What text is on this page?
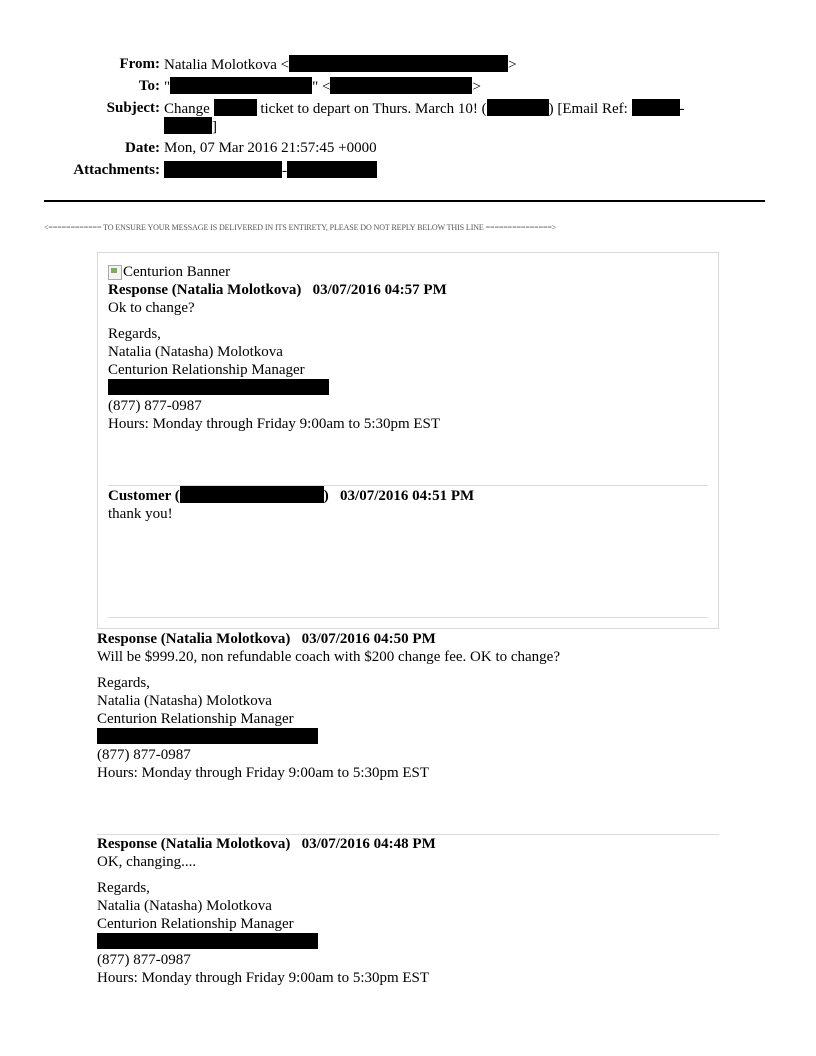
From: Natalia Molotkova <	>
To: "	" <	>
Subject: Change	ticket to depart on Thurs. March 10! (	) [Email Ref:	-
]
Date: Mon, 07 Mar 2016 21:57:45 +0000
Attachments:	-
<============ TO ENSURE YOUR MESSAGE IS DELIVERED IN ITS ENTIRETY, PLEASE DO NOT REPLY BELOW THIS LINE ===============>
Centurion Banner
Response (Natalia Molotkova) 03/07/2016 04:57 PM

Ok to change?

Regards,

Natalia (Natasha) Molotkova

Centurion Relationship Manager

(877) 877-0987

Hours: Monday through Friday 9:00am to 5:30pm EST

Customer (	) 03/07/2016 04:51 PM

thank you!

Response (Natalia Molotkova) 03/07/2016 04:50 PM

Will be $999.20, non refundable coach with $200 change fee. OK to change?

Regards,

Natalia (Natasha) Molotkova

Centurion Relationship Manager

(877) 877-0987

Hours: Monday through Friday 9:00am to 5:30pm EST

Response (Natalia Molotkova) 03/07/2016 04:48 PM

OK, changing....

Regards,

Natalia (Natasha) Molotkova

Centurion Relationship Manager

(877) 877-0987

Hours: Monday through Friday 9:00am to 5:30pm EST
